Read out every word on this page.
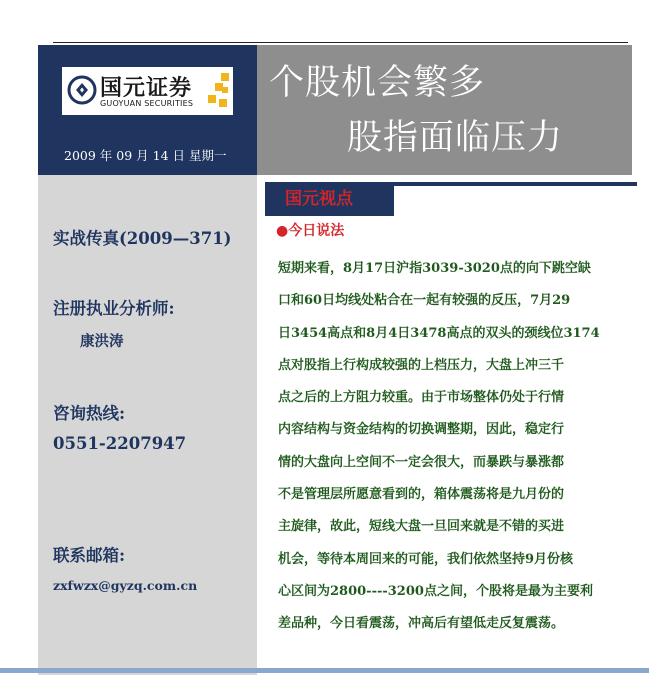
国元证券
GUOYUAN SECURITIES
2009 年 09 月 14 日 星期一
个股机会繁多
股指面临压力
实战传真(2009—371)
注册执业分析师:
康洪涛
咨询热线:
0551-2207947
联系邮箱:
zxfwzx@gyzq.com.cn
国元视点
●今日说法
短期来看，8月17日沪指3039-3020点的向下跳空缺
口和60日均线处粘合在一起有较强的反压，7月29
日3454高点和8月4日3478高点的双头的颈线位3174
点对股指上行构成较强的上档压力，大盘上冲三千
点之后的上方阻力较重。由于市场整体仍处于行情
内容结构与资金结构的切换调整期，因此，稳定行
情的大盘向上空间不一定会很大，而暴跌与暴涨都
不是管理层所愿意看到的，箱体震荡将是九月份的
主旋律，故此，短线大盘一旦回来就是不错的买进
机会，等待本周回来的可能，我们依然坚持9月份核
心区间为2800----3200点之间，个股将是最为主要利
差品种，今日看震荡，冲高后有望低走反复震荡。
